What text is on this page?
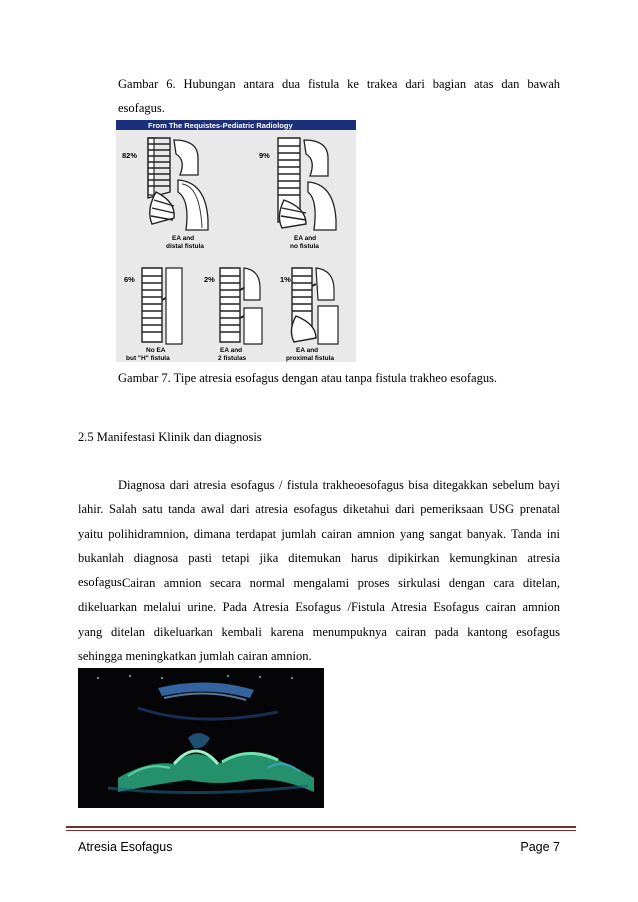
Gambar 6. Hubungan antara dua fistula ke trakea dari bagian atas dan bawah
esofagus.
From The Requistes-Pediatric Radiology
82%
EA and
distal fistula
9%
EA and
no fistula
6%
No EA
but "H" fistula
2%
EA and
2 fistulas
1%
EA and
proximal fistula
Gambar 7. Tipe atresia esofagus dengan atau tanpa fistula trakheo esofagus.
2.5 Manifestasi Klinik dan diagnosis
Diagnosa dari atresia esofagus / fistula trakheoesofagus bisa ditegakkan sebelum bayi
lahir. Salah satu tanda awal dari atresia esofagus diketahui dari pemeriksaan USG prenatal
yaitu polihidramnion, dimana terdapat jumlah cairan amnion yang sangat banyak. Tanda ini
bukanlah diagnosa pasti tetapi jika ditemukan harus dipikirkan kemungkinan atresia
esofagus.
Cairan amnion secara normal mengalami proses sirkulasi dengan cara ditelan,
dikeluarkan melalui urine. Pada Atresia Esofagus /Fistula Atresia Esofagus cairan amnion
yang ditelan dikeluarkan kembali karena menumpuknya cairan pada kantong esofagus
sehingga meningkatkan jumlah cairan amnion.
Atresia Esofagus	Page 7
